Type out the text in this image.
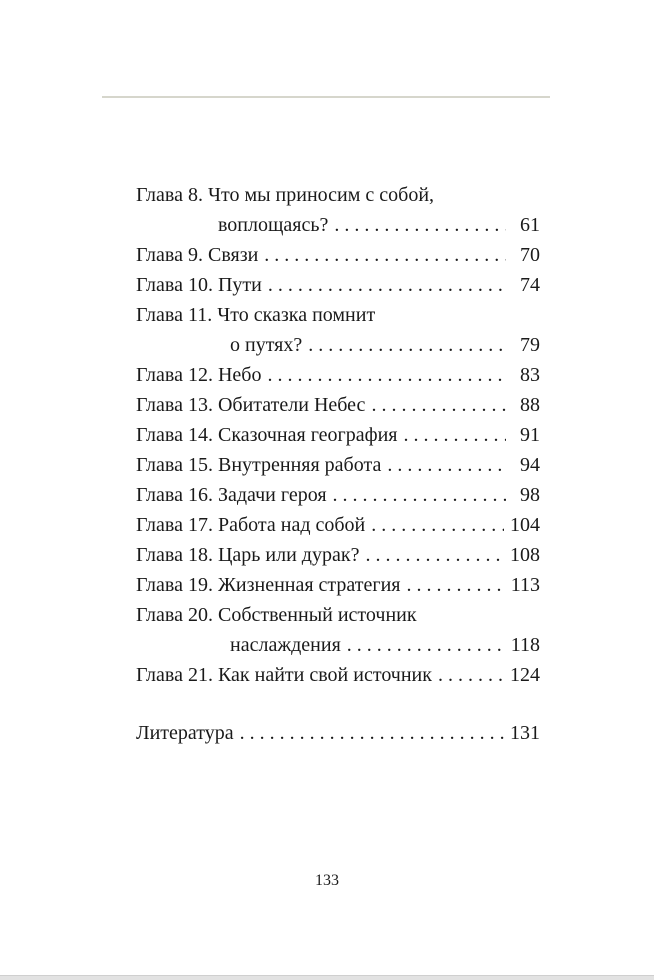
Глава 8. Что мы приносим с собой,
воплощаясь? . . .	61
Глава 9. Связи . . .	70
Глава 10. Пути . . .	74
Глава 11. Что сказка помнит
о путях? . . .	79
Глава 12. Небо . . .	83
Глава 13. Обитатели Небес . . .	88
Глава 14. Сказочная география . . .	91
Глава 15. Внутренняя работа . . .	94
Глава 16. Задачи героя . . .	98
Глава 17. Работа над собой . . .	104
Глава 18. Царь или дурак? . . .	108
Глава 19. Жизненная стратегия . . .	113
Глава 20. Собственный источник
наслаждения . . .	118
Глава 21. Как найти свой источник . . .	124
Литература . . .	131
133
